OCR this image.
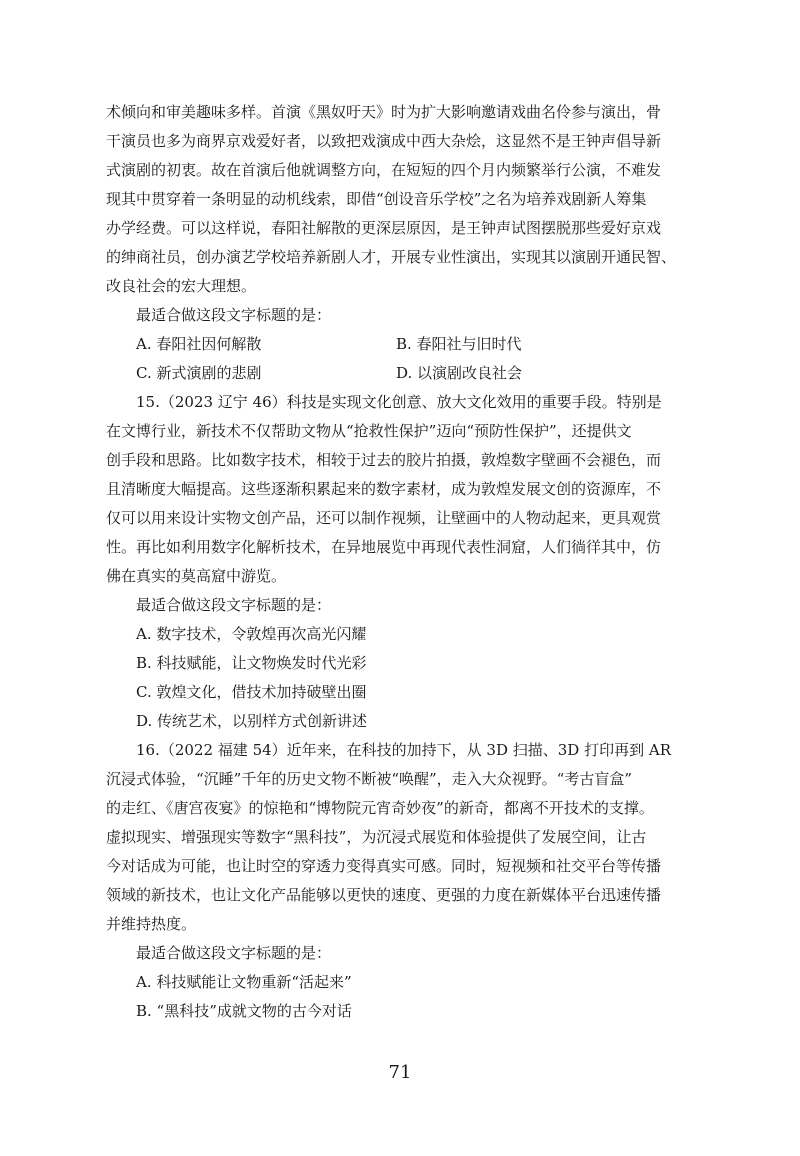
术倾向和审美趣味多样。首演《黑奴吁天》时为扩大影响邀请戏曲名伶参与演出，骨
干演员也多为商界京戏爱好者，以致把戏演成中西大杂烩，这显然不是王钟声倡导新
式演剧的初衷。故在首演后他就调整方向，在短短的四个月内频繁举行公演，不难发
现其中贯穿着一条明显的动机线索，即借“创设音乐学校”之名为培养戏剧新人筹集
办学经费。可以这样说，春阳社解散的更深层原因，是王钟声试图摆脱那些爱好京戏
的绅商社员，创办演艺学校培养新剧人才，开展专业性演出，实现其以演剧开通民智、
改良社会的宏大理想。
最适合做这段文字标题的是：
A. 春阳社因何解散	B. 春阳社与旧时代
C. 新式演剧的悲剧	D. 以演剧改良社会
15.（2023 辽宁 46）科技是实现文化创意、放大文化效用的重要手段。特别是
在文博行业，新技术不仅帮助文物从“抢救性保护”迈向“预防性保护”，还提供文
创手段和思路。比如数字技术，相较于过去的胶片拍摄，敦煌数字壁画不会褪色，而
且清晰度大幅提高。这些逐渐积累起来的数字素材，成为敦煌发展文创的资源库，不
仅可以用来设计实物文创产品，还可以制作视频，让壁画中的人物动起来，更具观赏
性。再比如利用数字化解析技术，在异地展览中再现代表性洞窟，人们徜徉其中，仿
佛在真实的莫高窟中游览。
最适合做这段文字标题的是：
A. 数字技术，令敦煌再次高光闪耀
B. 科技赋能，让文物焕发时代光彩
C. 敦煌文化，借技术加持破壁出圈
D. 传统艺术，以别样方式创新讲述
16.（2022 福建 54）近年来，在科技的加持下，从 3D 扫描、3D 打印再到 AR
沉浸式体验，“沉睡”千年的历史文物不断被“唤醒”，走入大众视野。“考古盲盒”
的走红、《唐宫夜宴》的惊艳和“博物院元宵奇妙夜”的新奇，都离不开技术的支撑。
虚拟现实、增强现实等数字“黑科技”，为沉浸式展览和体验提供了发展空间，让古
今对话成为可能，也让时空的穿透力变得真实可感。同时，短视频和社交平台等传播
领域的新技术，也让文化产品能够以更快的速度、更强的力度在新媒体平台迅速传播
并维持热度。
最适合做这段文字标题的是：
A. 科技赋能让文物重新“活起来”
B. “黑科技”成就文物的古今对话
71
